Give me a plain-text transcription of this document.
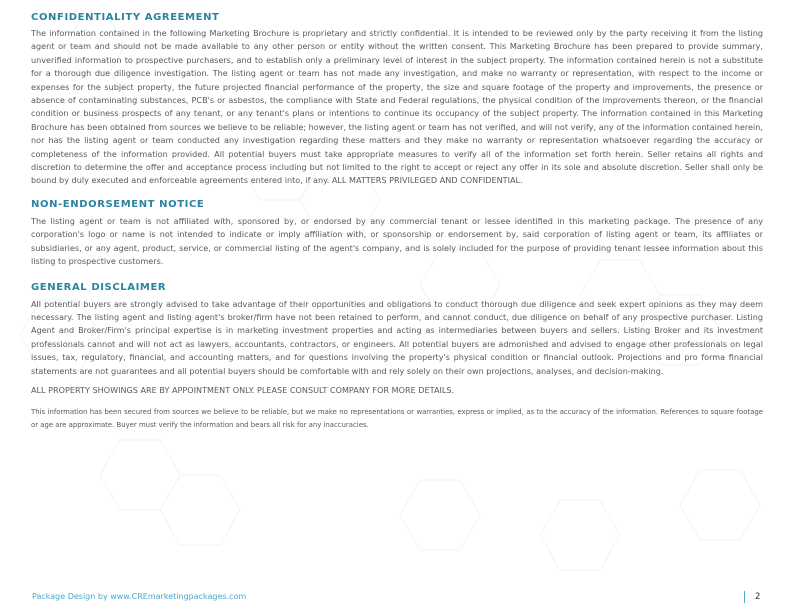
CONFIDENTIALITY AGREEMENT

The information contained in the following Marketing Brochure is proprietary and strictly confidential. It is intended to be reviewed only by the party receiving it from the listing agent or team and should not be made available to any other person or entity without the written consent. This Marketing Brochure has been prepared to provide summary, unverified information to prospective purchasers, and to establish only a preliminary level of interest in the subject property. The information contained herein is not a substitute for a thorough due diligence investigation. The listing agent or team has not made any investigation, and make no warranty or representation, with respect to the income or expenses for the subject property, the future projected financial performance of the property, the size and square footage of the property and improvements, the presence or absence of contaminating substances, PCB's or asbestos, the compliance with State and Federal regulations, the physical condition of the improvements thereon, or the financial condition or business prospects of any tenant, or any tenant's plans or intentions to continue its occupancy of the subject property. The information contained in this Marketing Brochure has been obtained from sources we believe to be reliable; however, the listing agent or team has not verified, and will not verify, any of the information contained herein, nor has the listing agent or team conducted any investigation regarding these matters and they make no warranty or representation whatsoever regarding the accuracy or completeness of the information provided. All potential buyers must take appropriate measures to verify all of the information set forth herein. Seller retains all rights and discretion to determine the offer and acceptance process including but not limited to the right to accept or reject any offer in its sole and absolute discretion. Seller shall only be bound by duly executed and enforceable agreements entered into, if any. ALL MATTERS PRIVILEGED AND CONFIDENTIAL.

NON-ENDORSEMENT NOTICE

The listing agent or team is not affiliated with, sponsored by, or endorsed by any commercial tenant or lessee identified in this marketing package. The presence of any corporation's logo or name is not intended to indicate or imply affiliation with, or sponsorship or endorsement by, said corporation of listing agent or team, its affiliates or subsidiaries, or any agent, product, service, or commercial listing of the agent's company, and is solely included for the purpose of providing tenant lessee information about this listing to prospective customers.

GENERAL DISCLAIMER

All potential buyers are strongly advised to take advantage of their opportunities and obligations to conduct thorough due diligence and seek expert opinions as they may deem necessary. The listing agent and listing agent's broker/firm have not been retained to perform, and cannot conduct, due diligence on behalf of any prospective purchaser. Listing Agent and Broker/Firm's principal expertise is in marketing investment properties and acting as intermediaries between buyers and sellers. Listing Broker and its investment professionals cannot and will not act as lawyers, accountants, contractors, or engineers. All potential buyers are admonished and advised to engage other professionals on legal issues, tax, regulatory, financial, and accounting matters, and for questions involving the property's physical condition or financial outlook. Projections and pro forma financial statements are not guarantees and all potential buyers should be comfortable with and rely solely on their own projections, analyses, and decision-making.

ALL PROPERTY SHOWINGS ARE BY APPOINTMENT ONLY. PLEASE CONSULT COMPANY FOR MORE DETAILS.

This information has been secured from sources we believe to be reliable, but we make no representations or warranties, express or implied, as to the accuracy of the information. References to square footage or age are approximate. Buyer must verify the information and bears all risk for any inaccuracies.

Package Design by www.CREmarketingpackages.com	2
